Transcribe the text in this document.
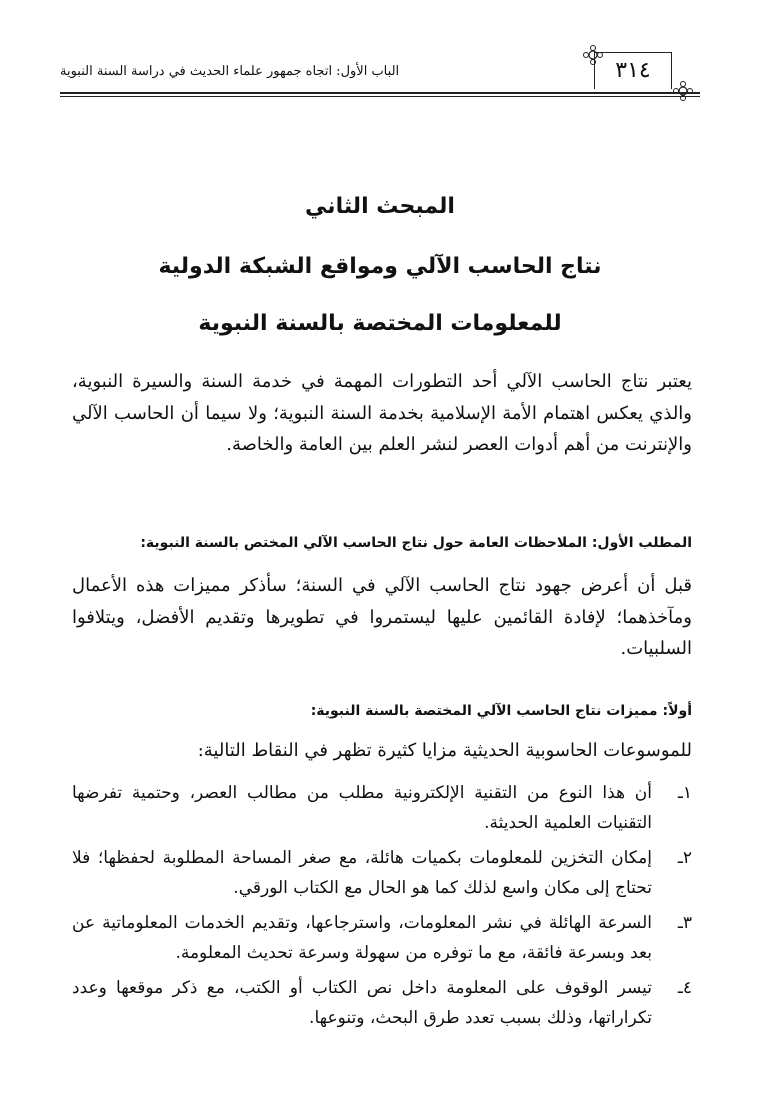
الباب الأول: اتجاه جمهور علماء الحديث في دراسة السنة النبوية	٣١٤
المبحث الثاني
نتاج الحاسب الآلي ومواقع الشبكة الدولية
للمعلومات المختصة بالسنة النبوية

يعتبر نتاج الحاسب الآلي أحد التطورات المهمة في خدمة السنة والسيرة النبوية، والذي يعكس اهتمام الأمة الإسلامية بخدمة السنة النبوية؛ ولا سيما أن الحاسب الآلي والإنترنت من أهم أدوات العصر لنشر العلم بين العامة والخاصة.

المطلب الأول: الملاحظات العامة حول نتاج الحاسب الآلي المختص بالسنة النبوية:

قبل أن أعرض جهود نتاج الحاسب الآلي في السنة؛ سأذكر مميزات هذه الأعمال ومآخذهما؛ لإفادة القائمين عليها ليستمروا في تطويرها وتقديم الأفضل، ويتلافوا السلبيات.

أولاً: مميزات نتاج الحاسب الآلي المختصة بالسنة النبوية:

للموسوعات الحاسوبية الحديثية مزايا كثيرة تظهر في النقاط التالية:

١ـ
أن هذا النوع من التقنية الإلكترونية مطلب من مطالب العصر، وحتمية تفرضها التقنيات العلمية الحديثة.
٢ـ
إمكان التخزين للمعلومات بكميات هائلة، مع صغر المساحة المطلوبة لحفظها؛ فلا تحتاج إلى مكان واسع لذلك كما هو الحال مع الكتاب الورقي.
٣ـ
السرعة الهائلة في نشر المعلومات، واسترجاعها، وتقديم الخدمات المعلوماتية عن بعد وبسرعة فائقة، مع ما توفره من سهولة وسرعة تحديث المعلومة.
٤ـ
تيسر الوقوف على المعلومة داخل نص الكتاب أو الكتب، مع ذكر موقعها وعدد تكراراتها، وذلك بسبب تعدد طرق البحث، وتنوعها.
